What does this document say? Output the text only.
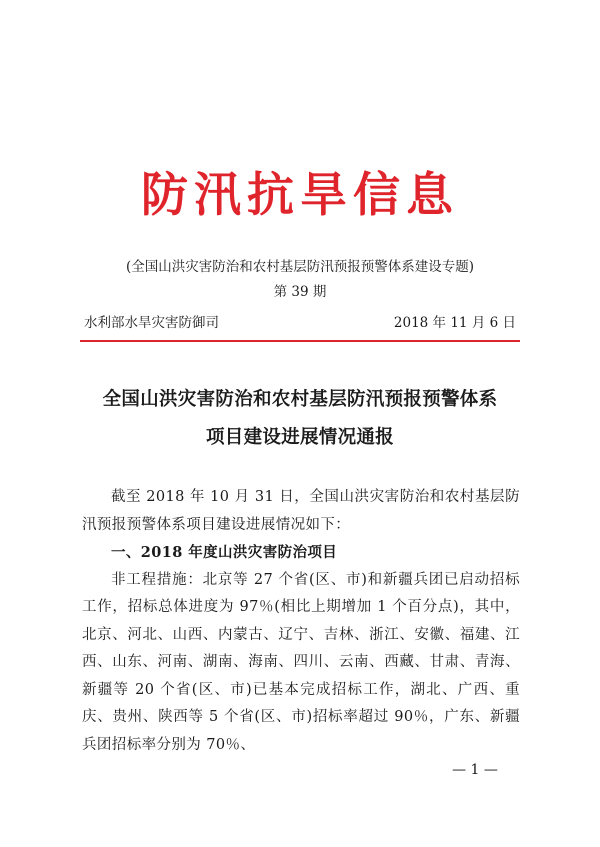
防汛抗旱信息
(全国山洪灾害防治和农村基层防汛预报预警体系建设专题)
第 39 期
水利部水旱灾害防御司	2018 年 11 月 6 日
全国山洪灾害防治和农村基层防汛预报预警体系
项目建设进展情况通报

截至 2018 年 10 月 31 日，全国山洪灾害防治和农村基层防汛预报预警体系项目建设进展情况如下：

一、2018 年度山洪灾害防治项目

非工程措施：北京等 27 个省(区、市)和新疆兵团已启动招标工作，招标总体进度为 97％(相比上期增加 1 个百分点)，其中，北京、河北、山西、内蒙古、辽宁、吉林、浙江、安徽、福建、江西、山东、河南、湖南、海南、四川、云南、西藏、甘肃、青海、新疆等 20 个省(区、市)已基本完成招标工作，湖北、广西、重庆、贵州、陕西等 5 个省(区、市)招标率超过 90％，广东、新疆兵团招标率分别为 70％、

— 1 —
